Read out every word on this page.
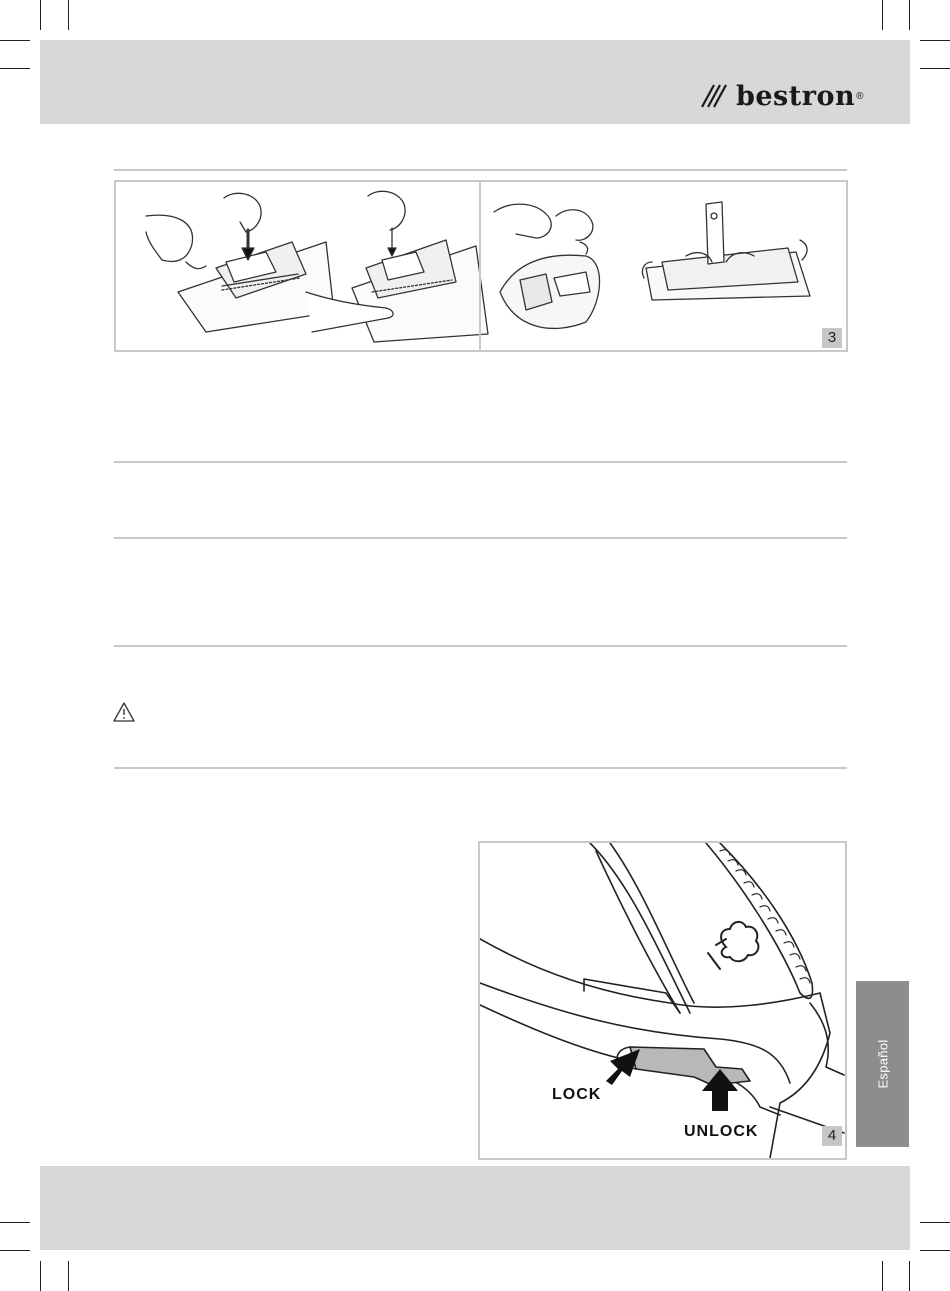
bestron ®
3
LOCK
UNLOCK	4
Español
